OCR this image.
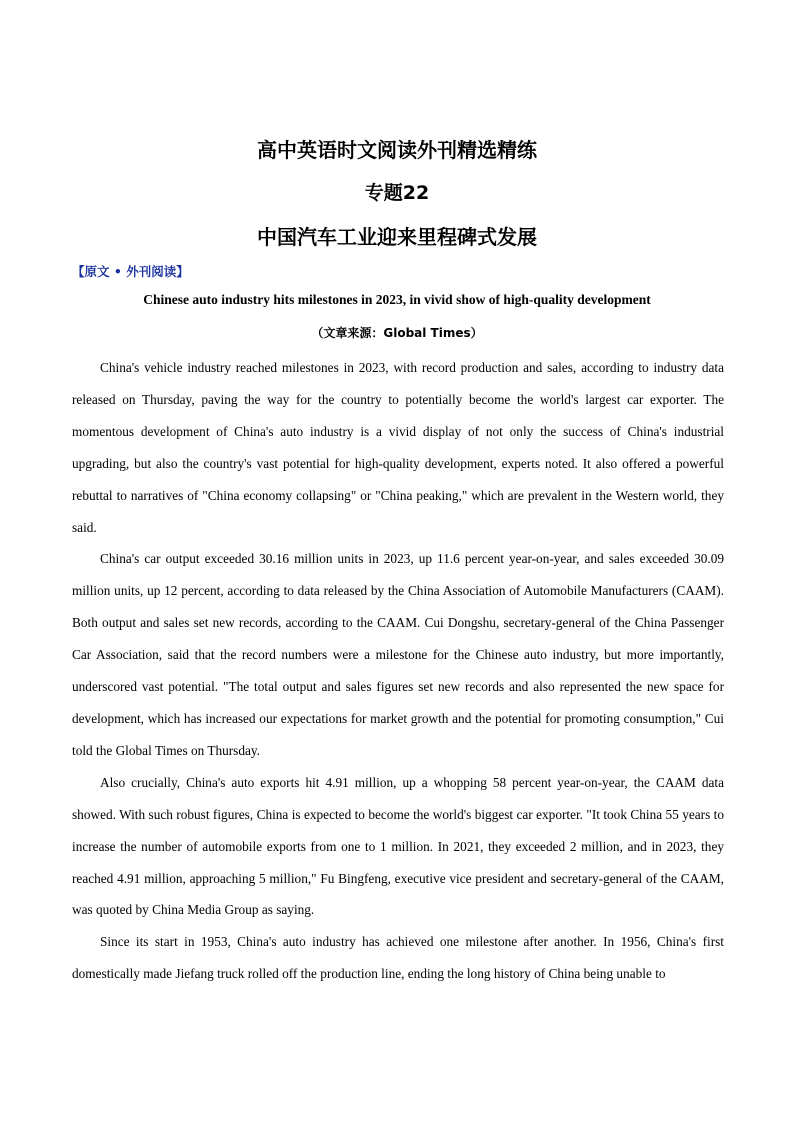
高中英语时文阅读外刊精选精练
专题22
中国汽车工业迎来里程碑式发展
【原文 • 外刊阅读】
Chinese auto industry hits milestones in 2023, in vivid show of high-quality development
（文章来源：Global Times）

China's vehicle industry reached milestones in 2023, with record production and sales, according to industry data released on Thursday, paving the way for the country to potentially become the world's largest car exporter. The momentous development of China's auto industry is a vivid display of not only the success of China's industrial upgrading, but also the country's vast potential for high-quality development, experts noted. It also offered a powerful rebuttal to narratives of "China economy collapsing" or "China peaking," which are prevalent in the Western world, they said.

China's car output exceeded 30.16 million units in 2023, up 11.6 percent year-on-year, and sales exceeded 30.09 million units, up 12 percent, according to data released by the China Association of Automobile Manufacturers (CAAM). Both output and sales set new records, according to the CAAM. Cui Dongshu, secretary-general of the China Passenger Car Association, said that the record numbers were a milestone for the Chinese auto industry, but more importantly, underscored vast potential. "The total output and sales figures set new records and also represented the new space for development, which has increased our expectations for market growth and the potential for promoting consumption," Cui told the Global Times on Thursday.

Also crucially, China's auto exports hit 4.91 million, up a whopping 58 percent year-on-year, the CAAM data showed. With such robust figures, China is expected to become the world's biggest car exporter. "It took China 55 years to increase the number of automobile exports from one to 1 million. In 2021, they exceeded 2 million, and in 2023, they reached 4.91 million, approaching 5 million," Fu Bingfeng, executive vice president and secretary-general of the CAAM, was quoted by China Media Group as saying.

Since its start in 1953, China's auto industry has achieved one milestone after another. In 1956, China's first domestically made Jiefang truck rolled off the production line, ending the long history of China being unable to
